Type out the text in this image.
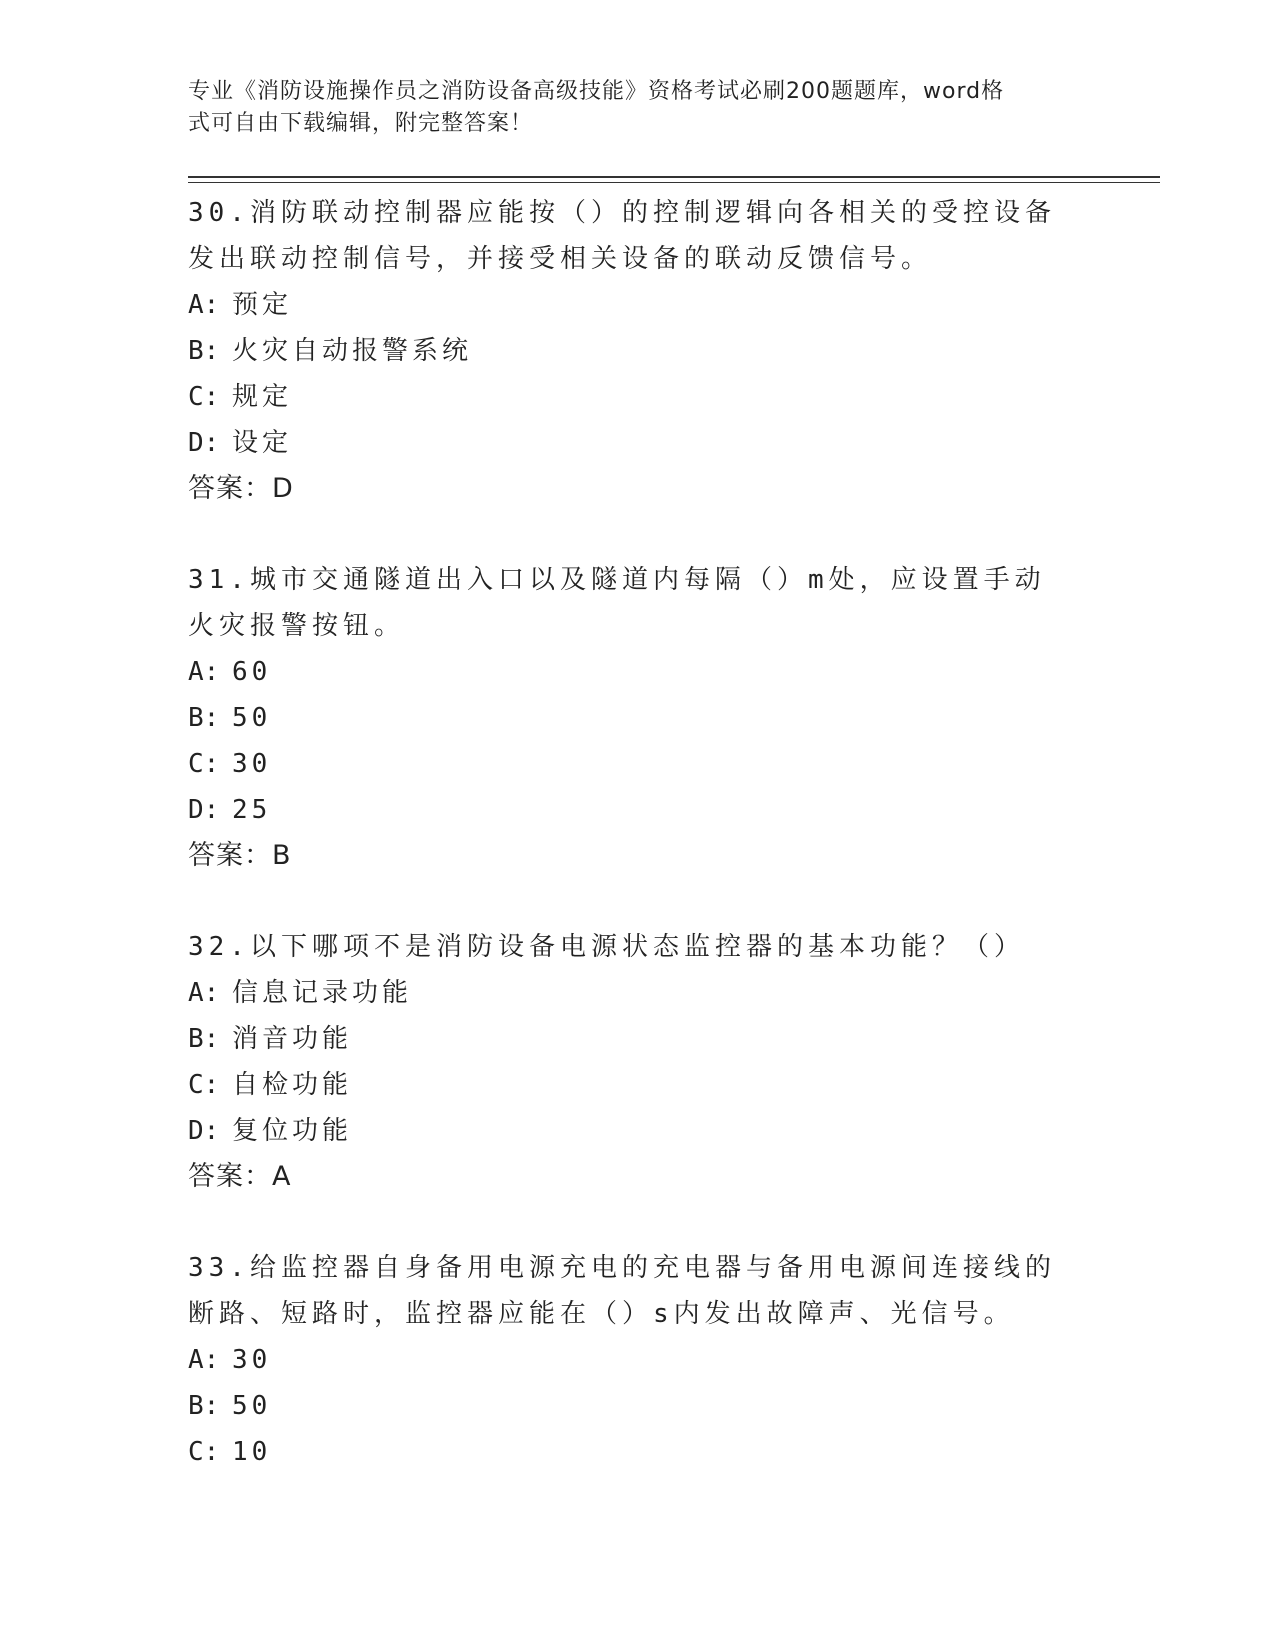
专业《消防设施操作员之消防设备高级技能》资格考试必刷200题题库，word格
式可自由下载编辑，附完整答案！
30.消防联动控制器应能按（）的控制逻辑向各相关的受控设备发出联动控制信号，并接受相关设备的联动反馈信号。
A: 预定
B: 火灾自动报警系统
C: 规定
D: 设定
答案：D
31.城市交通隧道出入口以及隧道内每隔（）m处，应设置手动火灾报警按钮。
A: 60
B: 50
C: 30
D: 25
答案：B
32.以下哪项不是消防设备电源状态监控器的基本功能？（）
A: 信息记录功能
B: 消音功能
C: 自检功能
D: 复位功能
答案：A
33.给监控器自身备用电源充电的充电器与备用电源间连接线的断路、短路时，监控器应能在（）s内发出故障声、光信号。
A: 30
B: 50
C: 10
